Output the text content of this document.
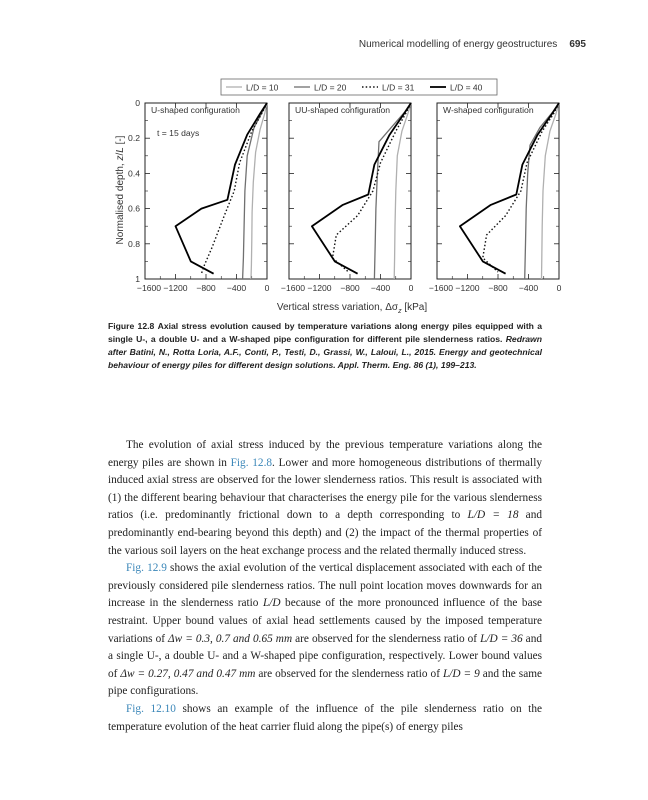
Numerical modelling of energy geostructures 695
L/D = 10	L/D = 20	L/D = 31	L/D = 40
−1600 −1200 −800 −400 0
0
0.2
0.4
0.6
0.8
1
U-shaped configuration
t = 15 days
−1600 −1200 −800 −400 0
UU-shaped configuration
−1600 −1200 −800 −400 0
W-shaped configuration
Normalised depth, z/L [-]
Vertical stress variation, $\Delta\sigma_z$ [kPa]
Figure 12.8 Axial stress evolution caused by temperature variations along energy piles equipped with a single U-, a double U- and a W-shaped pipe configuration for different pile slenderness ratios. Redrawn after Batini, N., Rotta Loria, A.F., Conti, P., Testi, D., Grassi, W., Laloui, L., 2015. Energy and geotechnical behaviour of energy piles for different design solutions. Appl. Therm. Eng. 86 (1), 199–213.

The evolution of axial stress induced by the previous temperature variations along the energy piles are shown in Fig. 12.8. Lower and more homogeneous distributions of thermally induced axial stress are observed for the lower slenderness ratios. This result is associated with (1) the different bearing behaviour that characterises the energy pile for the various slenderness ratios (i.e. predominantly frictional down to a depth corresponding to L/D = 18 and predominantly end-bearing beyond this depth) and (2) the impact of the thermal properties of the various soil layers on the heat exchange process and the related thermally induced stress.

Fig. 12.9 shows the axial evolution of the vertical displacement associated with each of the previously considered pile slenderness ratios. The null point location moves downwards for an increase in the slenderness ratio L/D because of the more pronounced influence of the base restraint. Upper bound values of axial head settlements caused by the imposed temperature variations of Δw = 0.3, 0.7 and 0.65 mm are observed for the slenderness ratio of L/D = 36 and a single U-, a double U- and a W-shaped pipe configuration, respectively. Lower bound values of Δw = 0.27, 0.47 and 0.47 mm are observed for the slenderness ratio of L/D = 9 and the same pipe configurations.

Fig. 12.10 shows an example of the influence of the pile slenderness ratio on the temperature evolution of the heat carrier fluid along the pipe(s) of energy piles
